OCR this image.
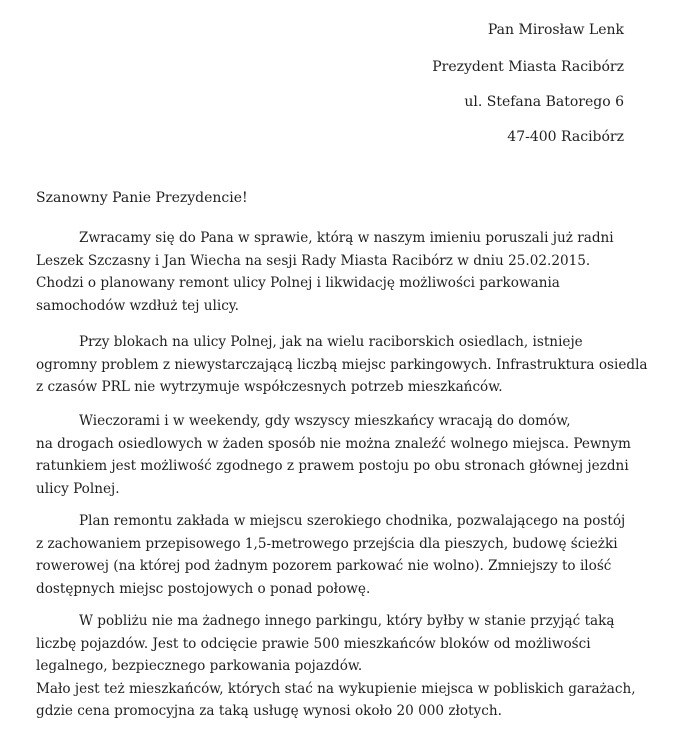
Pan Mirosław Lenk
Prezydent Miasta Racibórz
ul. Stefana Batorego 6
47-400 Racibórz
Szanowny Panie Prezydencie!
Zwracamy się do Pana w sprawie, którą w naszym imieniu poruszali już radni
Leszek Szczasny i Jan Wiecha na sesji Rady Miasta Racibórz w dniu 25.02.2015.
Chodzi o planowany remont ulicy Polnej i likwidację możliwości parkowania
samochodów wzdłuż tej ulicy.
Przy blokach na ulicy Polnej, jak na wielu raciborskich osiedlach, istnieje
ogromny problem z niewystarczającą liczbą miejsc parkingowych. Infrastruktura osiedla
z czasów PRL nie wytrzymuje współczesnych potrzeb mieszkańców.
Wieczorami i w weekendy, gdy wszyscy mieszkańcy wracają do domów,
na drogach osiedlowych w żaden sposób nie można znaleźć wolnego miejsca. Pewnym
ratunkiem jest możliwość zgodnego z prawem postoju po obu stronach głównej jezdni
ulicy Polnej.
Plan remontu zakłada w miejscu szerokiego chodnika, pozwalającego na postój
z zachowaniem przepisowego 1,5-metrowego przejścia dla pieszych, budowę ścieżki
rowerowej (na której pod żadnym pozorem parkować nie wolno). Zmniejszy to ilość
dostępnych miejsc postojowych o ponad połowę.
W pobliżu nie ma żadnego innego parkingu, który byłby w stanie przyjąć taką
liczbę pojazdów. Jest to odcięcie prawie 500 mieszkańców bloków od możliwości
legalnego, bezpiecznego parkowania pojazdów.
Mało jest też mieszkańców, których stać na wykupienie miejsca w pobliskich garażach,
gdzie cena promocyjna za taką usługę wynosi około 20 000 złotych.
